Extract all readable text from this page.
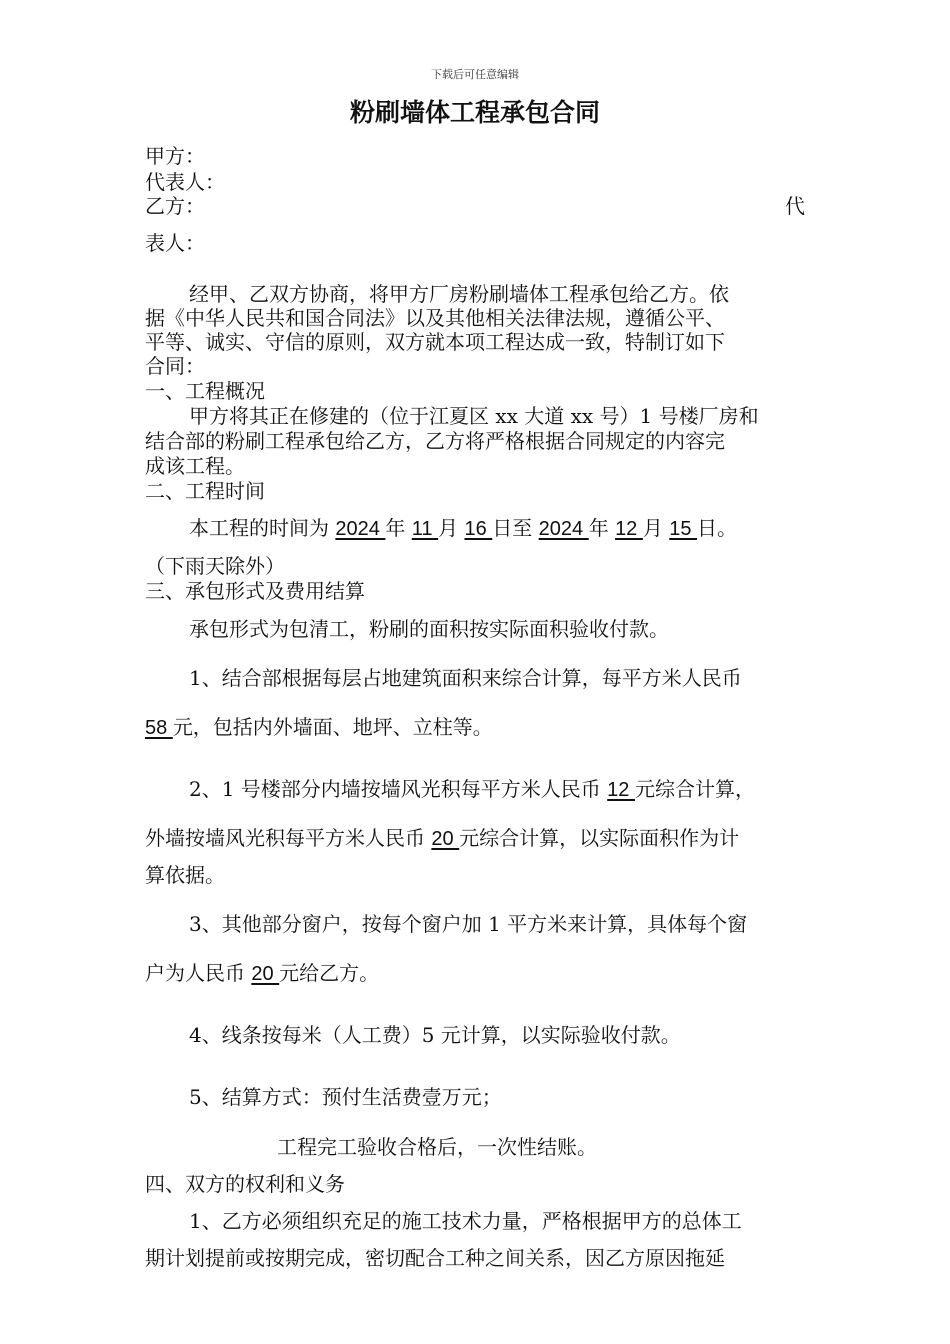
下载后可任意编辑
粉刷墙体工程承包合同
甲方：
代表人：
乙方：	代
表人：
经甲、乙双方协商，将甲方厂房粉刷墙体工程承包给乙方。依
据《中华人民共和国合同法》以及其他相关法律法规，遵循公平、
平等、诚实、守信的原则，双方就本项工程达成一致，特制订如下
合同：
一、工程概况
甲方将其正在修建的（位于江夏区 xx 大道 xx 号）1 号楼厂房和
结合部的粉刷工程承包给乙方，乙方将严格根据合同规定的内容完
成该工程。
二、工程时间
本工程的时间为 2024 年 11 月 16 日至 2024 年 12 月 15 日。
（下雨天除外）
三、承包形式及费用结算
承包形式为包清工，粉刷的面积按实际面积验收付款。
1、结合部根据每层占地建筑面积来综合计算，每平方米人民币
58 元，包括内外墙面、地坪、立柱等。
2、1 号楼部分内墙按墙风光积每平方米人民币 12 元综合计算，
外墙按墙风光积每平方米人民币 20 元综合计算，以实际面积作为计
算依据。
3、其他部分窗户，按每个窗户加 1 平方米来计算，具体每个窗
户为人民币 20 元给乙方。
4、线条按每米（人工费）5 元计算，以实际验收付款。
5、结算方式：预付生活费壹万元；
工程完工验收合格后，一次性结账。
四、双方的权利和义务
1、乙方必须组织充足的施工技术力量，严格根据甲方的总体工
期计划提前或按期完成，密切配合工种之间关系，因乙方原因拖延
